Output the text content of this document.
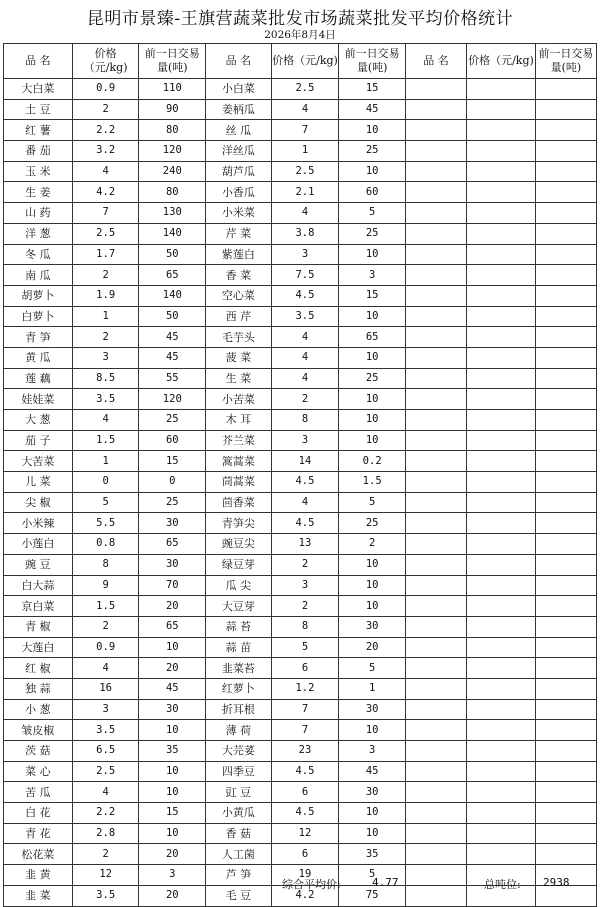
昆明市景臻-王旗营蔬菜批发市场蔬菜批发平均价格统计
2026年8月4日
品 名	价格（元/kg)	前一日交易量(吨)	品 名	价格（元/kg)	前一日交易量(吨)	品 名	价格（元/kg)	前一日交易量(吨)
大白菜	0.9	110	小白菜	2.5	15			
土 豆	2	90	姜柄瓜	4	45			
红 薯	2.2	80	丝 瓜	7	10			
番 茄	3.2	120	洋丝瓜	1	25			
玉 米	4	240	葫芦瓜	2.5	10			
生 姜	4.2	80	小香瓜	2.1	60			
山 药	7	130	小米菜	4	5			
洋 葱	2.5	140	芹 菜	3.8	25			
冬 瓜	1.7	50	紫莲白	3	10			
南 瓜	2	65	香 菜	7.5	3			
胡萝卜	1.9	140	空心菜	4.5	15			
白萝卜	1	50	西 芹	3.5	10			
青 笋	2	45	毛芋头	4	65			
黄 瓜	3	45	菠 菜	4	10			
莲 藕	8.5	55	生 菜	4	25			
娃娃菜	3.5	120	小苦菜	2	10			
大 葱	4	25	木 耳	8	10			
茄 子	1.5	60	芥兰菜	3	10			
大苦菜	1	15	篙蒿菜	14	0.2			
儿 菜	0	0	茼蒿菜	4.5	1.5			
尖 椒	5	25	茴香菜	4	5			
小米辣	5.5	30	青笋尖	4.5	25			
小莲白	0.8	65	豌豆尖	13	2			
豌 豆	8	30	绿豆芽	2	10			
白大蒜	9	70	瓜 尖	3	10			
京白菜	1.5	20	大豆芽	2	10			
青 椒	2	65	蒜 苔	8	30			
大莲白	0.9	10	蒜 苗	5	20			
红 椒	4	20	韭菜苔	6	5			
独 蒜	16	45	红萝卜	1.2	1			
小 葱	3	30	折耳根	7	30			
皱皮椒	3.5	10	薄 荷	7	10			
茨 菇	6.5	35	大芫荽	23	3			
菜 心	2.5	10	四季豆	4.5	45			
苦 瓜	4	10	豇 豆	6	30			
白 花	2.2	15	小黄瓜	4.5	10			
青 花	2.8	10	香 菇	12	10			
松花菜	2	20	人工菌	6	35			
韭 黄	12	3	芦 笋	19	5			
韭 菜	3.5	20	毛 豆	4.2	75			
综合平均价:	4.77	总吨位: 2938
